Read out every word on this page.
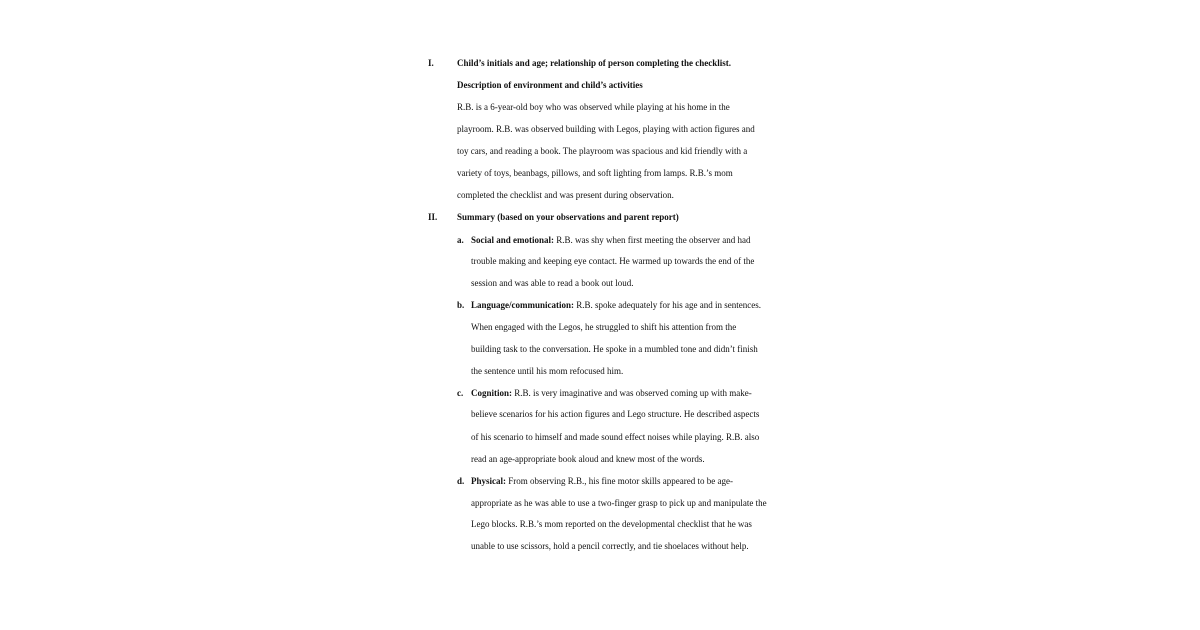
I.	Child’s initials and age; relationship of person completing the checklist.
Description of environment and child’s activities
R.B. is a 6-year-old boy who was observed while playing at his home in the
playroom. R.B. was observed building with Legos, playing with action figures and
toy cars, and reading a book. The playroom was spacious and kid friendly with a
variety of toys, beanbags, pillows, and soft lighting from lamps. R.B.’s mom
completed the checklist and was present during observation.
II. Summary (based on your observations and parent report)
a. Social and emotional: R.B. was shy when first meeting the observer and had
trouble making and keeping eye contact. He warmed up towards the end of the
session and was able to read a book out loud.
b. Language/communication: R.B. spoke adequately for his age and in sentences.
When engaged with the Legos, he struggled to shift his attention from the
building task to the conversation. He spoke in a mumbled tone and didn’t finish
the sentence until his mom refocused him.
c. Cognition: R.B. is very imaginative and was observed coming up with make-
believe scenarios for his action figures and Lego structure. He described aspects
of his scenario to himself and made sound effect noises while playing. R.B. also
read an age-appropriate book aloud and knew most of the words.
d. Physical: From observing R.B., his fine motor skills appeared to be age-
appropriate as he was able to use a two-finger grasp to pick up and manipulate the
Lego blocks. R.B.’s mom reported on the developmental checklist that he was
unable to use scissors, hold a pencil correctly, and tie shoelaces without help.
